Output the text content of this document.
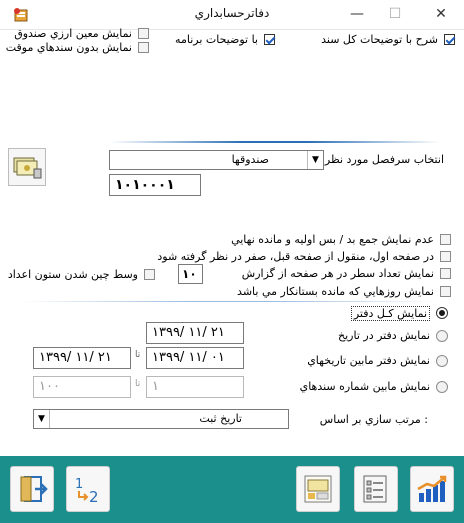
دفاترحسابداري	—	☐	✕
شرح با توضيحات کل سند
با توضيحات برنامه
نمايش معين ارزي صندوق
نمايش بدون سندهاي موقت
▼
صندوقها	انتخاب سرفصل مورد نظر
۱۰۱۰۰۰۱
عدم نمايش جمع بد / بس اوليه و مانده نهايي
در صفحه اول، منقول از صفحه قبل، صفر در نظر گرفته شود
نمايش تعداد سطر در هر صفحه از گزارش
۱۰
وسط چين شدن ستون اعداد
نمايش روزهايي که مانده بستانکار مي باشد
نمايش کـل دفتر
۱۳۹۹/ ۱۱/ ۲۱	نمايش دفتر در تاريخ
۱۳۹۹/ ۱۱/ ۲۱	تا ۱۳۹۹/ ۱۱/ ۰۱	نمايش دفتر مابين تاريخهاي
۱۰۰	تا ۱	نمايش مابين شماره سندهاي
▼	تاريخ ثبت	مرتب سازي بر اساس :
1
2
